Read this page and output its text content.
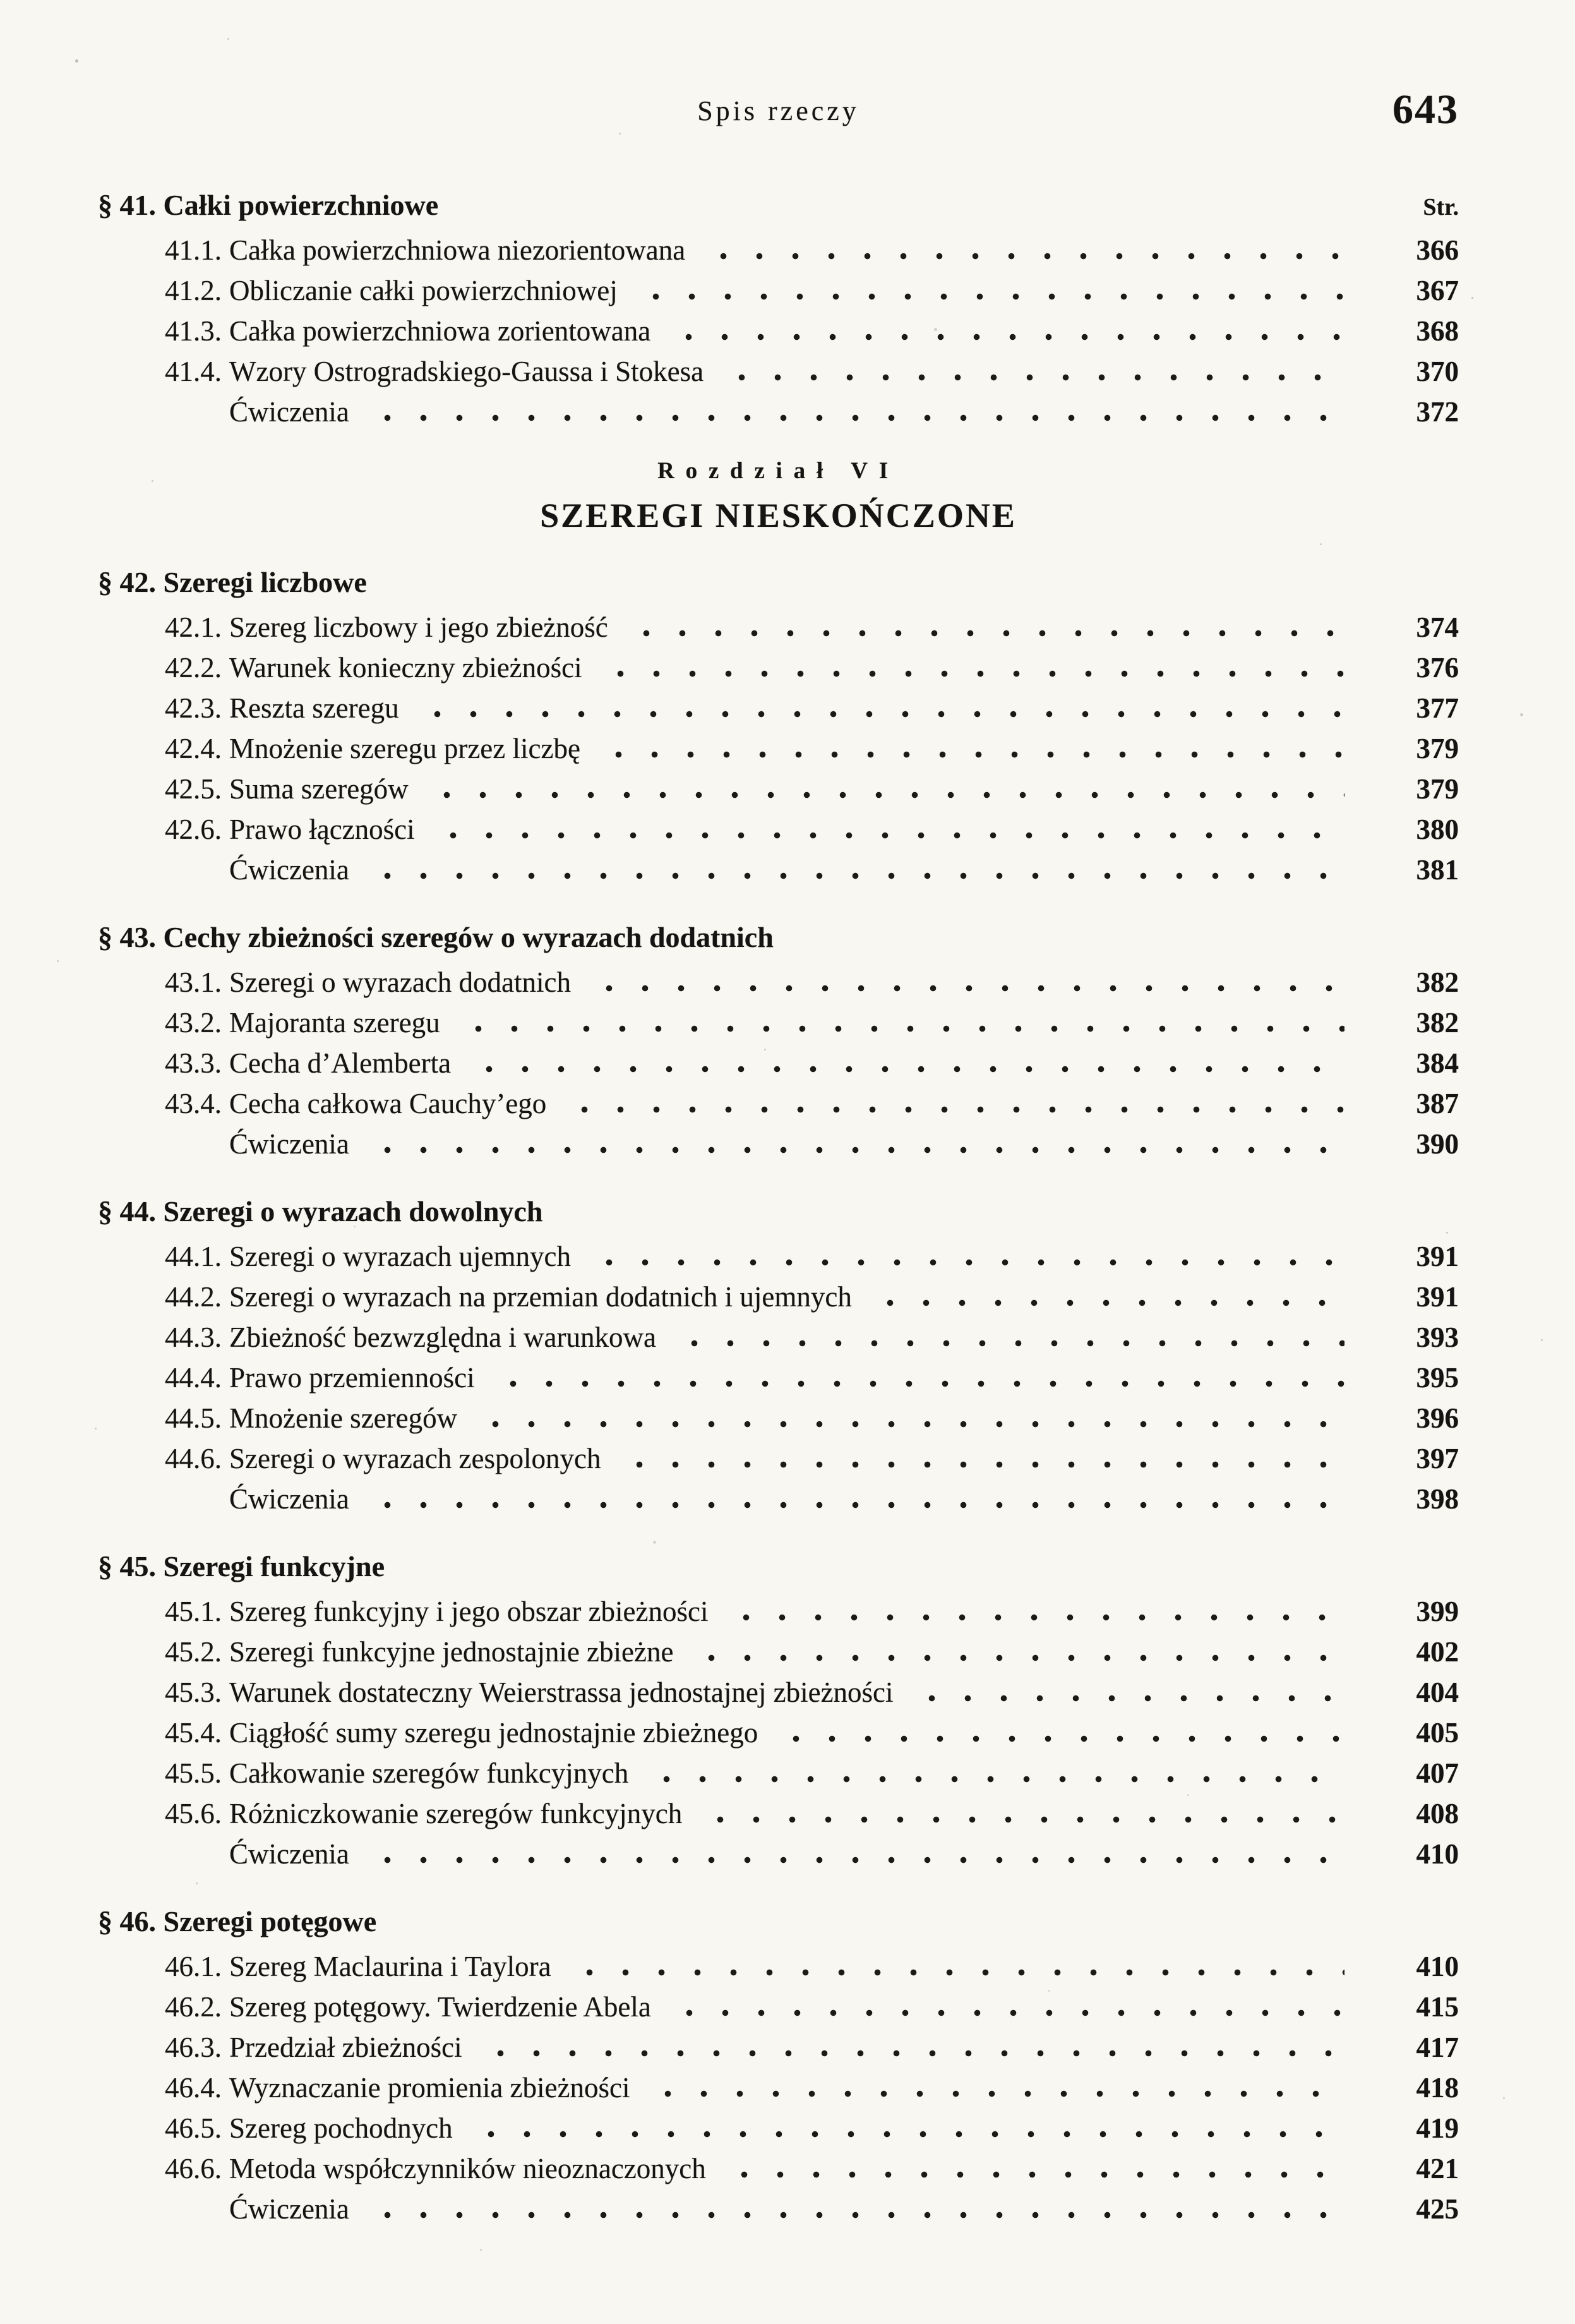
Spis rzeczy	643
§ 41. Całki powierzchniowe	Str.
41.1. Całka powierzchniowa niezorientowana	366
41.2. Obliczanie całki powierzchniowej	367
41.3. Całka powierzchniowa zorientowana	368
41.4. Wzory Ostrogradskiego-Gaussa i Stokesa	370
Ćwiczenia	372
Rozdział VI
SZEREGI NIESKOŃCZONE
§ 42. Szeregi liczbowe
42.1. Szereg liczbowy i jego zbieżność	374
42.2. Warunek konieczny zbieżności	376
42.3. Reszta szeregu	377
42.4. Mnożenie szeregu przez liczbę	379
42.5. Suma szeregów	379
42.6. Prawo łączności	380
Ćwiczenia	381
§ 43. Cechy zbieżności szeregów o wyrazach dodatnich
43.1. Szeregi o wyrazach dodatnich	382
43.2. Majoranta szeregu	382
43.3. Cecha d’Alemberta	384
43.4. Cecha całkowa Cauchy’ego	387
Ćwiczenia	390
§ 44. Szeregi o wyrazach dowolnych
44.1. Szeregi o wyrazach ujemnych	391
44.2. Szeregi o wyrazach na przemian dodatnich i ujemnych	391
44.3. Zbieżność bezwzględna i warunkowa	393
44.4. Prawo przemienności	395
44.5. Mnożenie szeregów	396
44.6. Szeregi o wyrazach zespolonych	397
Ćwiczenia	398
§ 45. Szeregi funkcyjne
45.1. Szereg funkcyjny i jego obszar zbieżności	399
45.2. Szeregi funkcyjne jednostajnie zbieżne	402
45.3. Warunek dostateczny Weierstrassa jednostajnej zbieżności	404
45.4. Ciągłość sumy szeregu jednostajnie zbieżnego	405
45.5. Całkowanie szeregów funkcyjnych	407
45.6. Różniczkowanie szeregów funkcyjnych	408
Ćwiczenia	410
§ 46. Szeregi potęgowe
46.1. Szereg Maclaurina i Taylora	410
46.2. Szereg potęgowy. Twierdzenie Abela	415
46.3. Przedział zbieżności	417
46.4. Wyznaczanie promienia zbieżności	418
46.5. Szereg pochodnych	419
46.6. Metoda współczynników nieoznaczonych	421
Ćwiczenia	425
